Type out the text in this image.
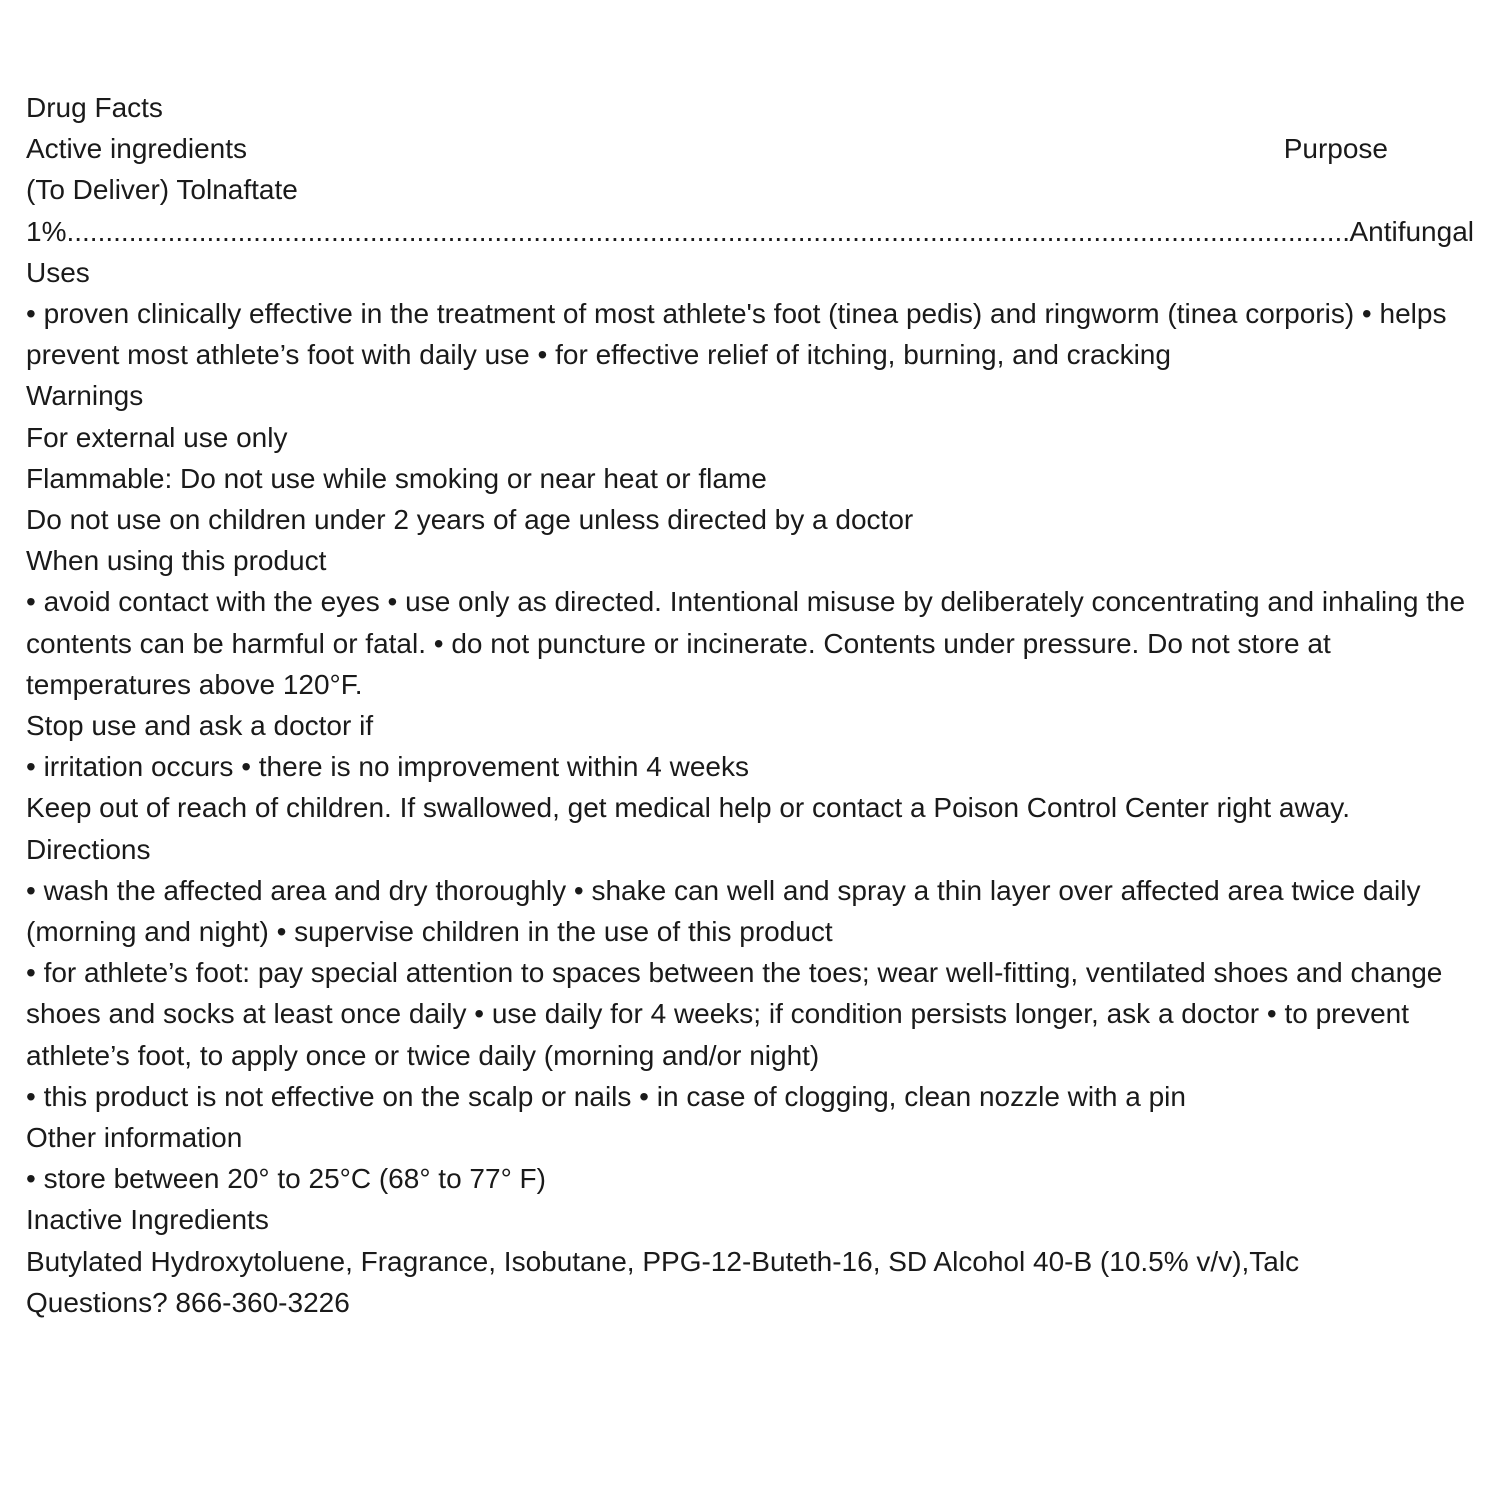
Drug Facts
Active ingredients	Purpose
(To Deliver) Tolnaftate
1%
.....	Antifungal
Uses
• proven clinically effective in the treatment of most athlete's foot (tinea pedis) and ringworm (tinea corporis) • helps prevent most athlete’s foot with daily use • for effective relief of itching, burning, and cracking
Warnings
For external use only
Flammable: Do not use while smoking or near heat or flame
Do not use on children under 2 years of age unless directed by a doctor
When using this product
• avoid contact with the eyes • use only as directed. Intentional misuse by deliberately concentrating and inhaling the contents can be harmful or fatal. • do not puncture or incinerate. Contents under pressure. Do not store at temperatures above 120°F.
Stop use and ask a doctor if
• irritation occurs • there is no improvement within 4 weeks
Keep out of reach of children. If swallowed, get medical help or contact a Poison Control Center right away.
Directions
• wash the affected area and dry thoroughly • shake can well and spray a thin layer over affected area twice daily (morning and night) • supervise children in the use of this product
• for athlete’s foot: pay special attention to spaces between the toes; wear well-fitting, ventilated shoes and change shoes and socks at least once daily • use daily for 4 weeks; if condition persists longer, ask a doctor • to prevent athlete’s foot, to apply once or twice daily (morning and/or night)
• this product is not effective on the scalp or nails • in case of clogging, clean nozzle with a pin
Other information
• store between 20° to 25°C (68° to 77° F)
Inactive Ingredients
Butylated Hydroxytoluene, Fragrance, Isobutane, PPG-12-Buteth-16, SD Alcohol 40-B (10.5% v/v),Talc
Questions? 866-360-3226
